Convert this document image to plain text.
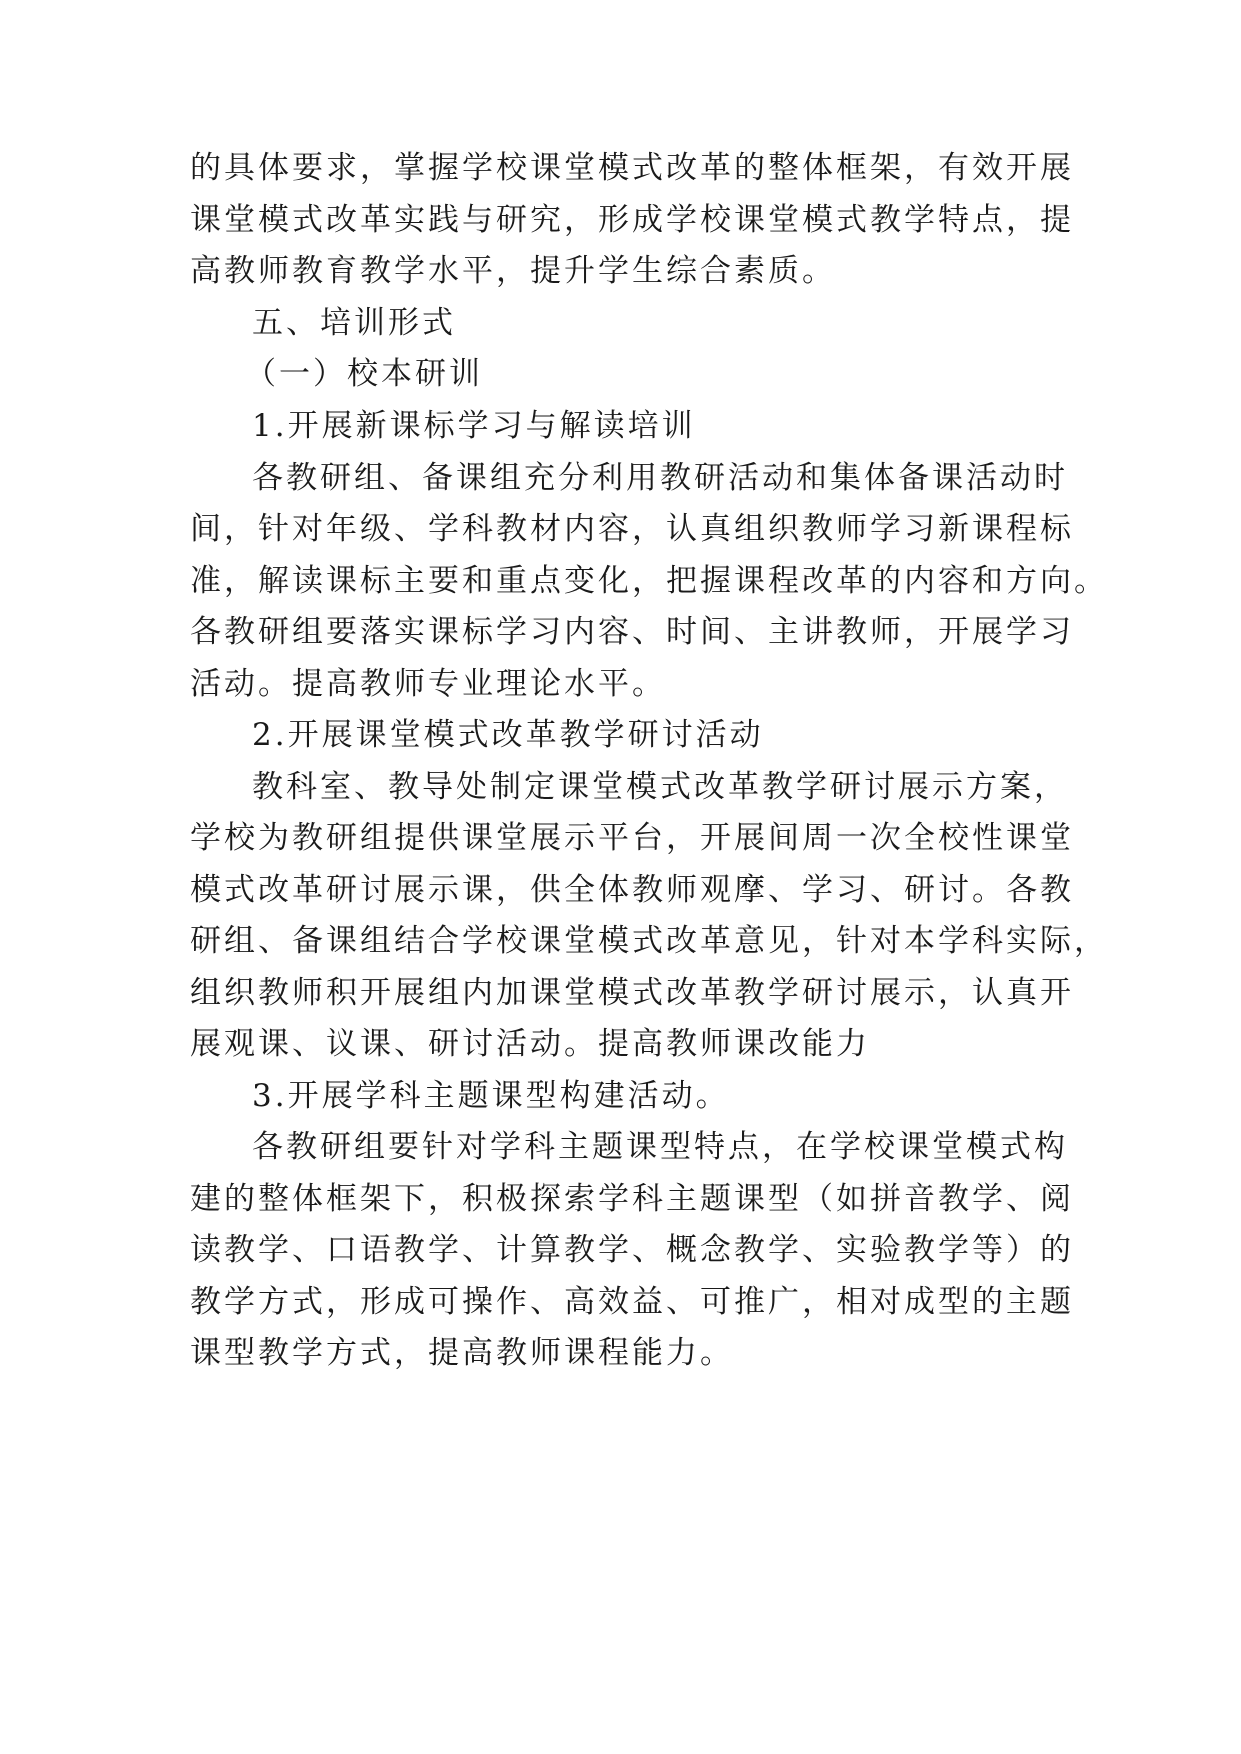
的具体要求，掌握学校课堂模式改革的整体框架，有效开展
课堂模式改革实践与研究，形成学校课堂模式教学特点，提
高教师教育教学水平，提升学生综合素质。
五、培训形式
（一）校本研训
1.开展新课标学习与解读培训
各教研组、备课组充分利用教研活动和集体备课活动时
间，针对年级、学科教材内容，认真组织教师学习新课程标
准，解读课标主要和重点变化，把握课程改革的内容和方向。
各教研组要落实课标学习内容、时间、主讲教师，开展学习
活动。提高教师专业理论水平。
2.开展课堂模式改革教学研讨活动
教科室、教导处制定课堂模式改革教学研讨展示方案，
学校为教研组提供课堂展示平台，开展间周一次全校性课堂
模式改革研讨展示课，供全体教师观摩、学习、研讨。各教
研组、备课组结合学校课堂模式改革意见，针对本学科实际，
组织教师积开展组内加课堂模式改革教学研讨展示，认真开
展观课、议课、研讨活动。提高教师课改能力
3.开展学科主题课型构建活动。
各教研组要针对学科主题课型特点，在学校课堂模式构
建的整体框架下，积极探索学科主题课型（如拼音教学、阅
读教学、口语教学、计算教学、概念教学、实验教学等）的
教学方式，形成可操作、高效益、可推广，相对成型的主题
课型教学方式，提高教师课程能力。
